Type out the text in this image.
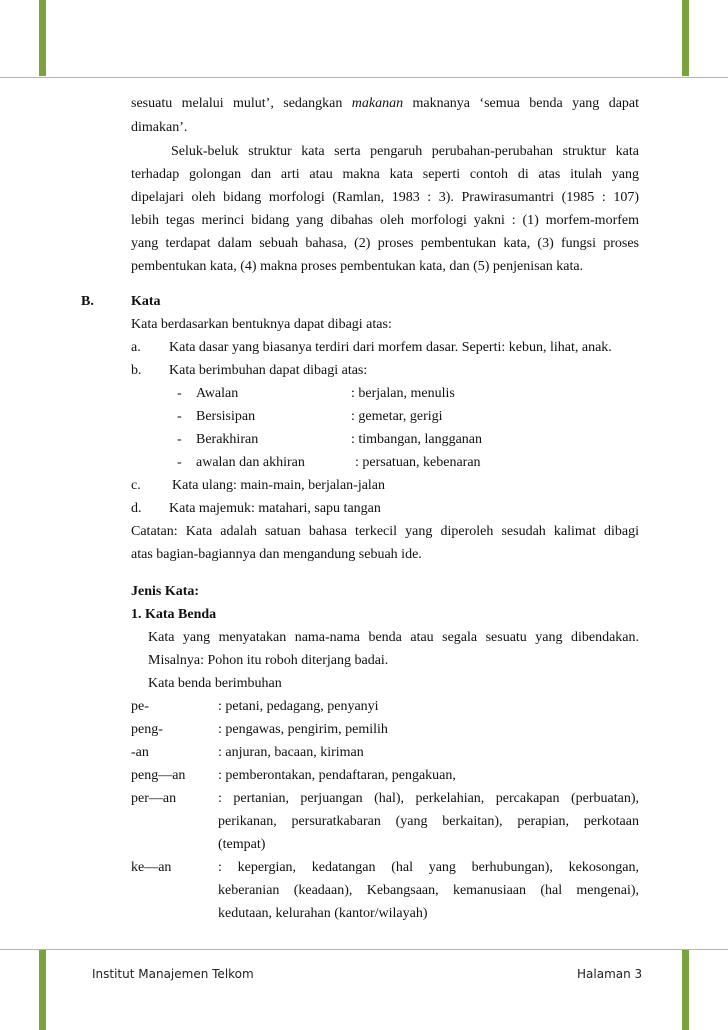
sesuatu melalui mulut’, sedangkan makanan maknanya ‘semua benda yang dapat
dimakan’.
Seluk-beluk struktur kata serta pengaruh perubahan-perubahan struktur kata
terhadap golongan dan arti atau makna kata seperti contoh di atas itulah yang
dipelajari oleh bidang morfologi (Ramlan, 1983 : 3). Prawirasumantri (1985 : 107)
lebih tegas merinci bidang yang dibahas oleh morfologi yakni : (1) morfem-morfem
yang terdapat dalam sebuah bahasa, (2) proses pembentukan kata, (3) fungsi proses
pembentukan kata, (4) makna proses pembentukan kata, dan (5) penjenisan kata.
B.	Kata
Kata berdasarkan bentuknya dapat dibagi atas:
a. Kata dasar yang biasanya terdiri dari morfem dasar. Seperti: kebun, lihat, anak.
b. Kata berimbuhan dapat dibagi atas:
- Awalan	: berjalan, menulis
- Bersisipan	: gemetar, gerigi
- Berakhiran	: timbangan, langganan
- awalan dan akhiran	: persatuan, kebenaran
c. Kata ulang: main-main, berjalan-jalan
d. Kata majemuk: matahari, sapu tangan
Catatan: Kata adalah satuan bahasa terkecil yang diperoleh sesudah kalimat dibagi
atas bagian-bagiannya dan mengandung sebuah ide.
Jenis Kata:
1. Kata Benda
Kata yang menyatakan nama-nama benda atau segala sesuatu yang dibendakan.
Misalnya: Pohon itu roboh diterjang badai.
Kata benda berimbuhan
pe-	: petani, pedagang, penyanyi
peng-	: pengawas, pengirim, pemilih
-an	: anjuran, bacaan, kiriman
peng—an : pemberontakan, pendaftaran, pengakuan,
per—an	: pertanian, perjuangan (hal), perkelahian, percakapan (perbuatan),
perikanan, persuratkabaran (yang berkaitan), perapian, perkotaan
(tempat)
ke—an	: kepergian, kedatangan (hal yang berhubungan), kekosongan,
keberanian (keadaan), Kebangsaan, kemanusiaan (hal mengenai),
kedutaan, kelurahan (kantor/wilayah)
Institut Manajemen Telkom	Halaman 3
